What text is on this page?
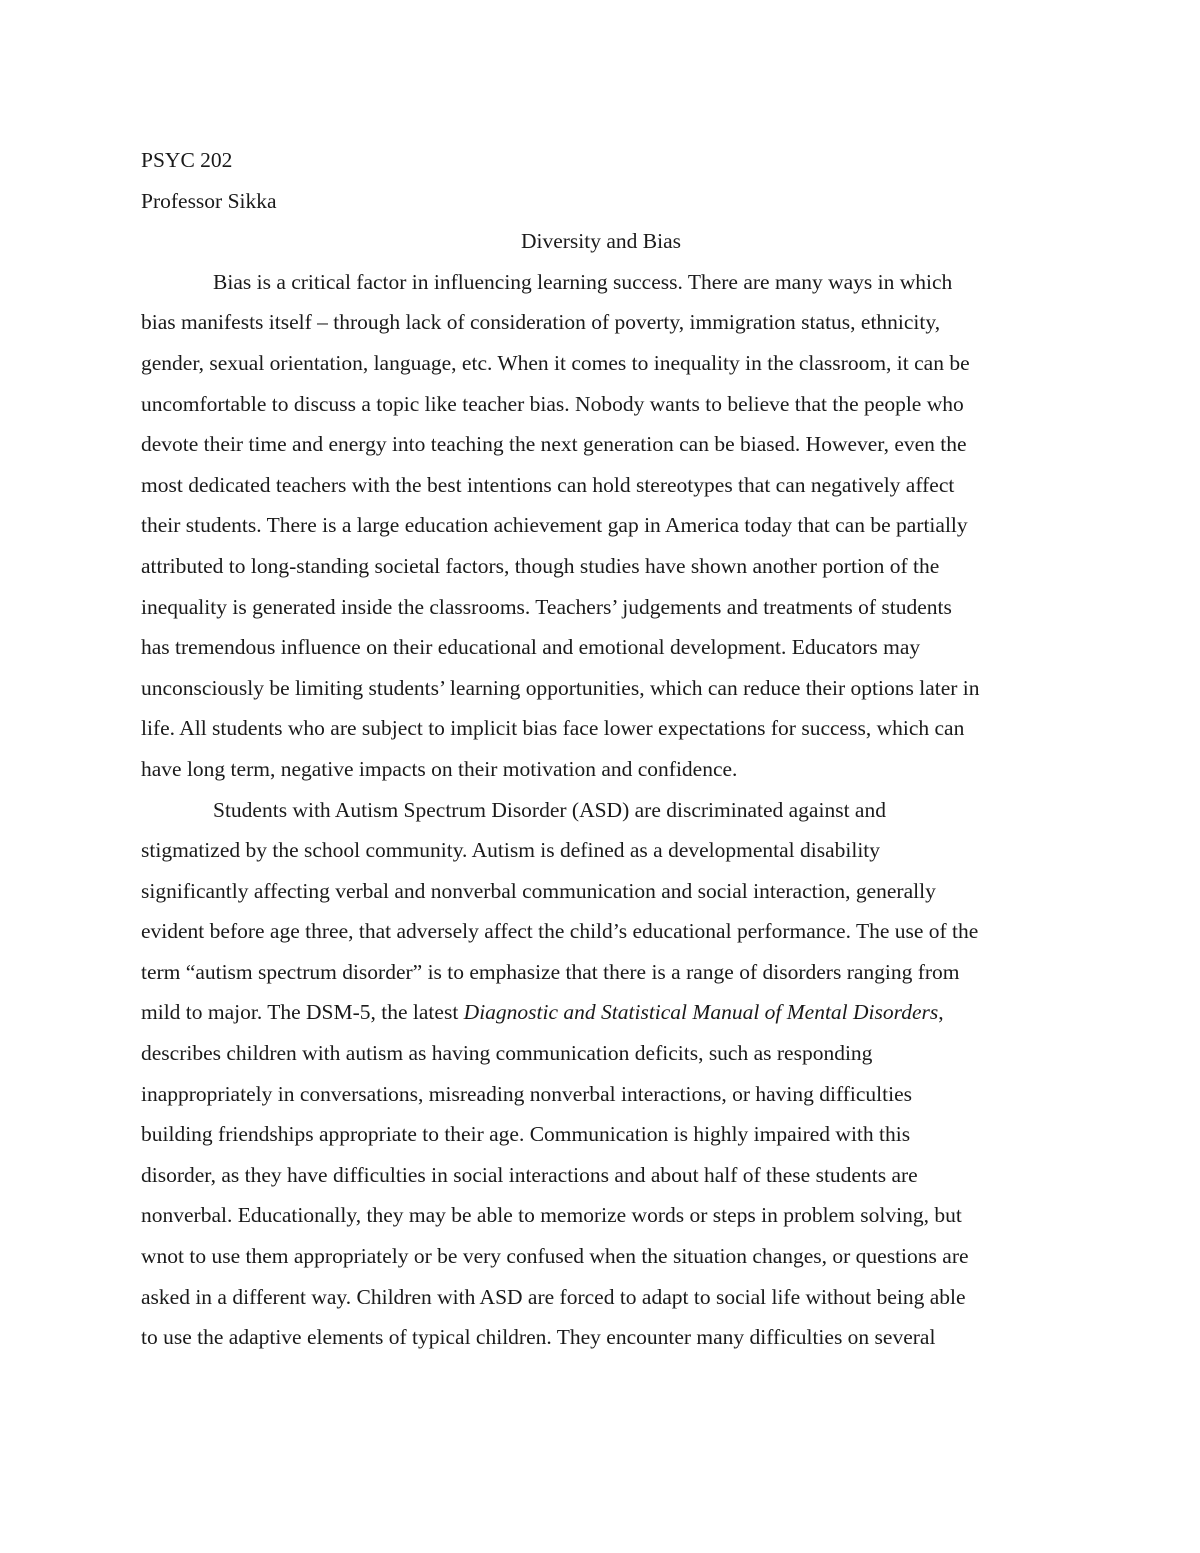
PSYC 202

Professor Sikka

Diversity and Bias

Bias is a critical factor in influencing learning success. There are many ways in which

bias manifests itself – through lack of consideration of poverty, immigration status, ethnicity,

gender, sexual orientation, language, etc. When it comes to inequality in the classroom, it can be

uncomfortable to discuss a topic like teacher bias. Nobody wants to believe that the people who

devote their time and energy into teaching the next generation can be biased. However, even the

most dedicated teachers with the best intentions can hold stereotypes that can negatively affect

their students. There is a large education achievement gap in America today that can be partially

attributed to long-standing societal factors, though studies have shown another portion of the

inequality is generated inside the classrooms. Teachers’ judgements and treatments of students

has tremendous influence on their educational and emotional development. Educators may

unconsciously be limiting students’ learning opportunities, which can reduce their options later in

life. All students who are subject to implicit bias face lower expectations for success, which can

have long term, negative impacts on their motivation and confidence.

Students with Autism Spectrum Disorder (ASD) are discriminated against and

stigmatized by the school community. Autism is defined as a developmental disability

significantly affecting verbal and nonverbal communication and social interaction, generally

evident before age three, that adversely affect the child’s educational performance. The use of the

term “autism spectrum disorder” is to emphasize that there is a range of disorders ranging from

mild to major. The DSM-5, the latest Diagnostic and Statistical Manual of Mental Disorders,

describes children with autism as having communication deficits, such as responding

inappropriately in conversations, misreading nonverbal interactions, or having difficulties

building friendships appropriate to their age. Communication is highly impaired with this

disorder, as they have difficulties in social interactions and about half of these students are

nonverbal. Educationally, they may be able to memorize words or steps in problem solving, but

wnot to use them appropriately or be very confused when the situation changes, or questions are

asked in a different way. Children with ASD are forced to adapt to social life without being able

to use the adaptive elements of typical children. They encounter many difficulties on several
